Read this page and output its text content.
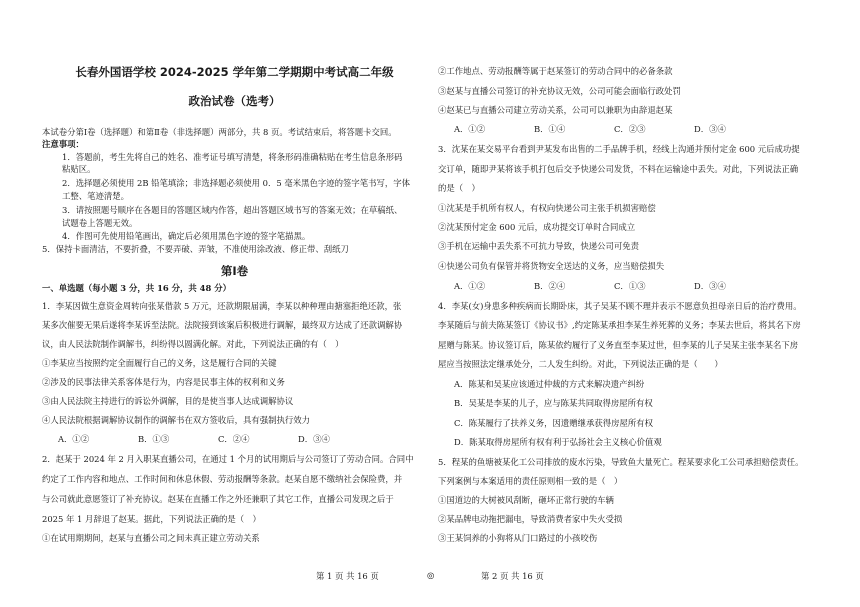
长春外国语学校 2024-2025 学年第二学期期中考试高二年级
政治试卷（选考）
本试卷分第Ⅰ卷（选择题）和第Ⅱ卷（非选择题）两部分，共 8 页。考试结束后，将答题卡交回。
注意事项：
1．答题前，考生先将自己的姓名、准考证号填写清楚，将条形码准确粘贴在考生信息条形码
粘贴区。
2．选择题必须使用 2B 铅笔填涂；非选择题必须使用 0．5 毫米黑色字迹的签字笔书写，字体
工整、笔迹清楚。
3．请按照题号顺序在各题目的答题区域内作答，超出答题区域书写的答案无效；在草稿纸、
试题卷上答题无效。
4．作图可先使用铅笔画出，确定后必须用黑色字迹的签字笔描黑。
5．保持卡面清洁，不要折叠，不要弄破、弄皱，不准使用涂改液、修正带、刮纸刀
第Ⅰ卷
一、单选题（每小题 3 分，共 16 分，共 48 分）
1．李某因做生意资金周转向张某借款 5 万元，还款期限届满，李某以种种理由搪塞拒绝还款，张
某多次催要无果后遂将李某诉至法院。法院接到该案后积极进行调解，最终双方达成了还款调解协
议，由人民法院制作调解书，纠纷得以圆满化解。对此，下列说法正确的有（　）
①李某应当按照约定全面履行自己的义务，这是履行合同的关键
②涉及的民事法律关系客体是行为，内容是民事主体的权利和义务
③由人民法院主持进行的诉讼外调解，目的是使当事人达成调解协议
④人民法院根据调解协议制作的调解书在双方签收后，具有强制执行效力
A．①②	B．①③	C．②④	D．③④
2．赵某于 2024 年 2 月入职某直播公司，在通过 1 个月的试用期后与公司签订了劳动合同。合同中
约定了工作内容和地点、工作时间和休息休假、劳动报酬等条款。赵某自愿不缴纳社会保险费，并
与公司就此意愿签订了补充协议。赵某在直播工作之外还兼职了其它工作，直播公司发现之后于
2025 年 1 月辞退了赵某。据此，下列说法正确的是（　）
①在试用期期间，赵某与直播公司之间未真正建立劳动关系
②工作地点、劳动报酬等属于赵某签订的劳动合同中的必备条款
③赵某与直播公司签订的补充协议无效，公司可能会面临行政处罚
④赵某已与直播公司建立劳动关系，公司可以兼职为由辞退赵某
A．①②	B．①④	C．②③	D．③④
3．沈某在某交易平台看到尹某发布出售的二手品牌手机，经线上沟通并预付定金 600 元后成功提
交订单，随即尹某将该手机打包后交予快递公司发货，不料在运输途中丢失。对此，下列说法正确
的是（　）
①沈某是手机所有权人，有权向快递公司主张手机损害赔偿
②沈某预付定金 600 元后，成功提交订单时合同成立
③手机在运输中丢失系不可抗力导致，快递公司可免责
④快递公司负有保管并将货物安全送达的义务，应当赔偿损失
A．①②	B．②④	C．①③	D．③④
4．李某(女)身患多种疾病而长期卧床，其子吴某不顾不理并表示不愿意负担母亲日后的治疗费用。
李某随后与前夫陈某签订《协议书》,约定陈某承担李某生养死葬的义务；李某去世后，将其名下房
屋赠与陈某。协议签订后，陈某依约履行了义务直至李某过世，但李某的儿子吴某主张李某名下房
屋应当按照法定继承处分，二人发生纠纷。对此，下列说法正确的是（　　）
A．陈某和吴某应该通过仲裁的方式来解决遗产纠纷
B．吴某是李某的儿子，应与陈某共同取得房屋所有权
C．陈某履行了扶养义务，因遗赠继承获得房屋所有权
D．陈某取得房屋所有权有利于弘扬社会主义核心价值观
5．程某的鱼塘被某化工公司排放的废水污染，导致鱼大量死亡。程某要求化工公司承担赔偿责任。
下列案例与本案适用的责任原则相一致的是（　）
①国道边的大树被风刮断，砸坏正常行驶的车辆
②某品牌电动拖把漏电，导致消费者家中失火受损
③王某饲养的小狗将从门口路过的小孩咬伤
第 1 页 共 16 页	◎	第 2 页 共 16 页
